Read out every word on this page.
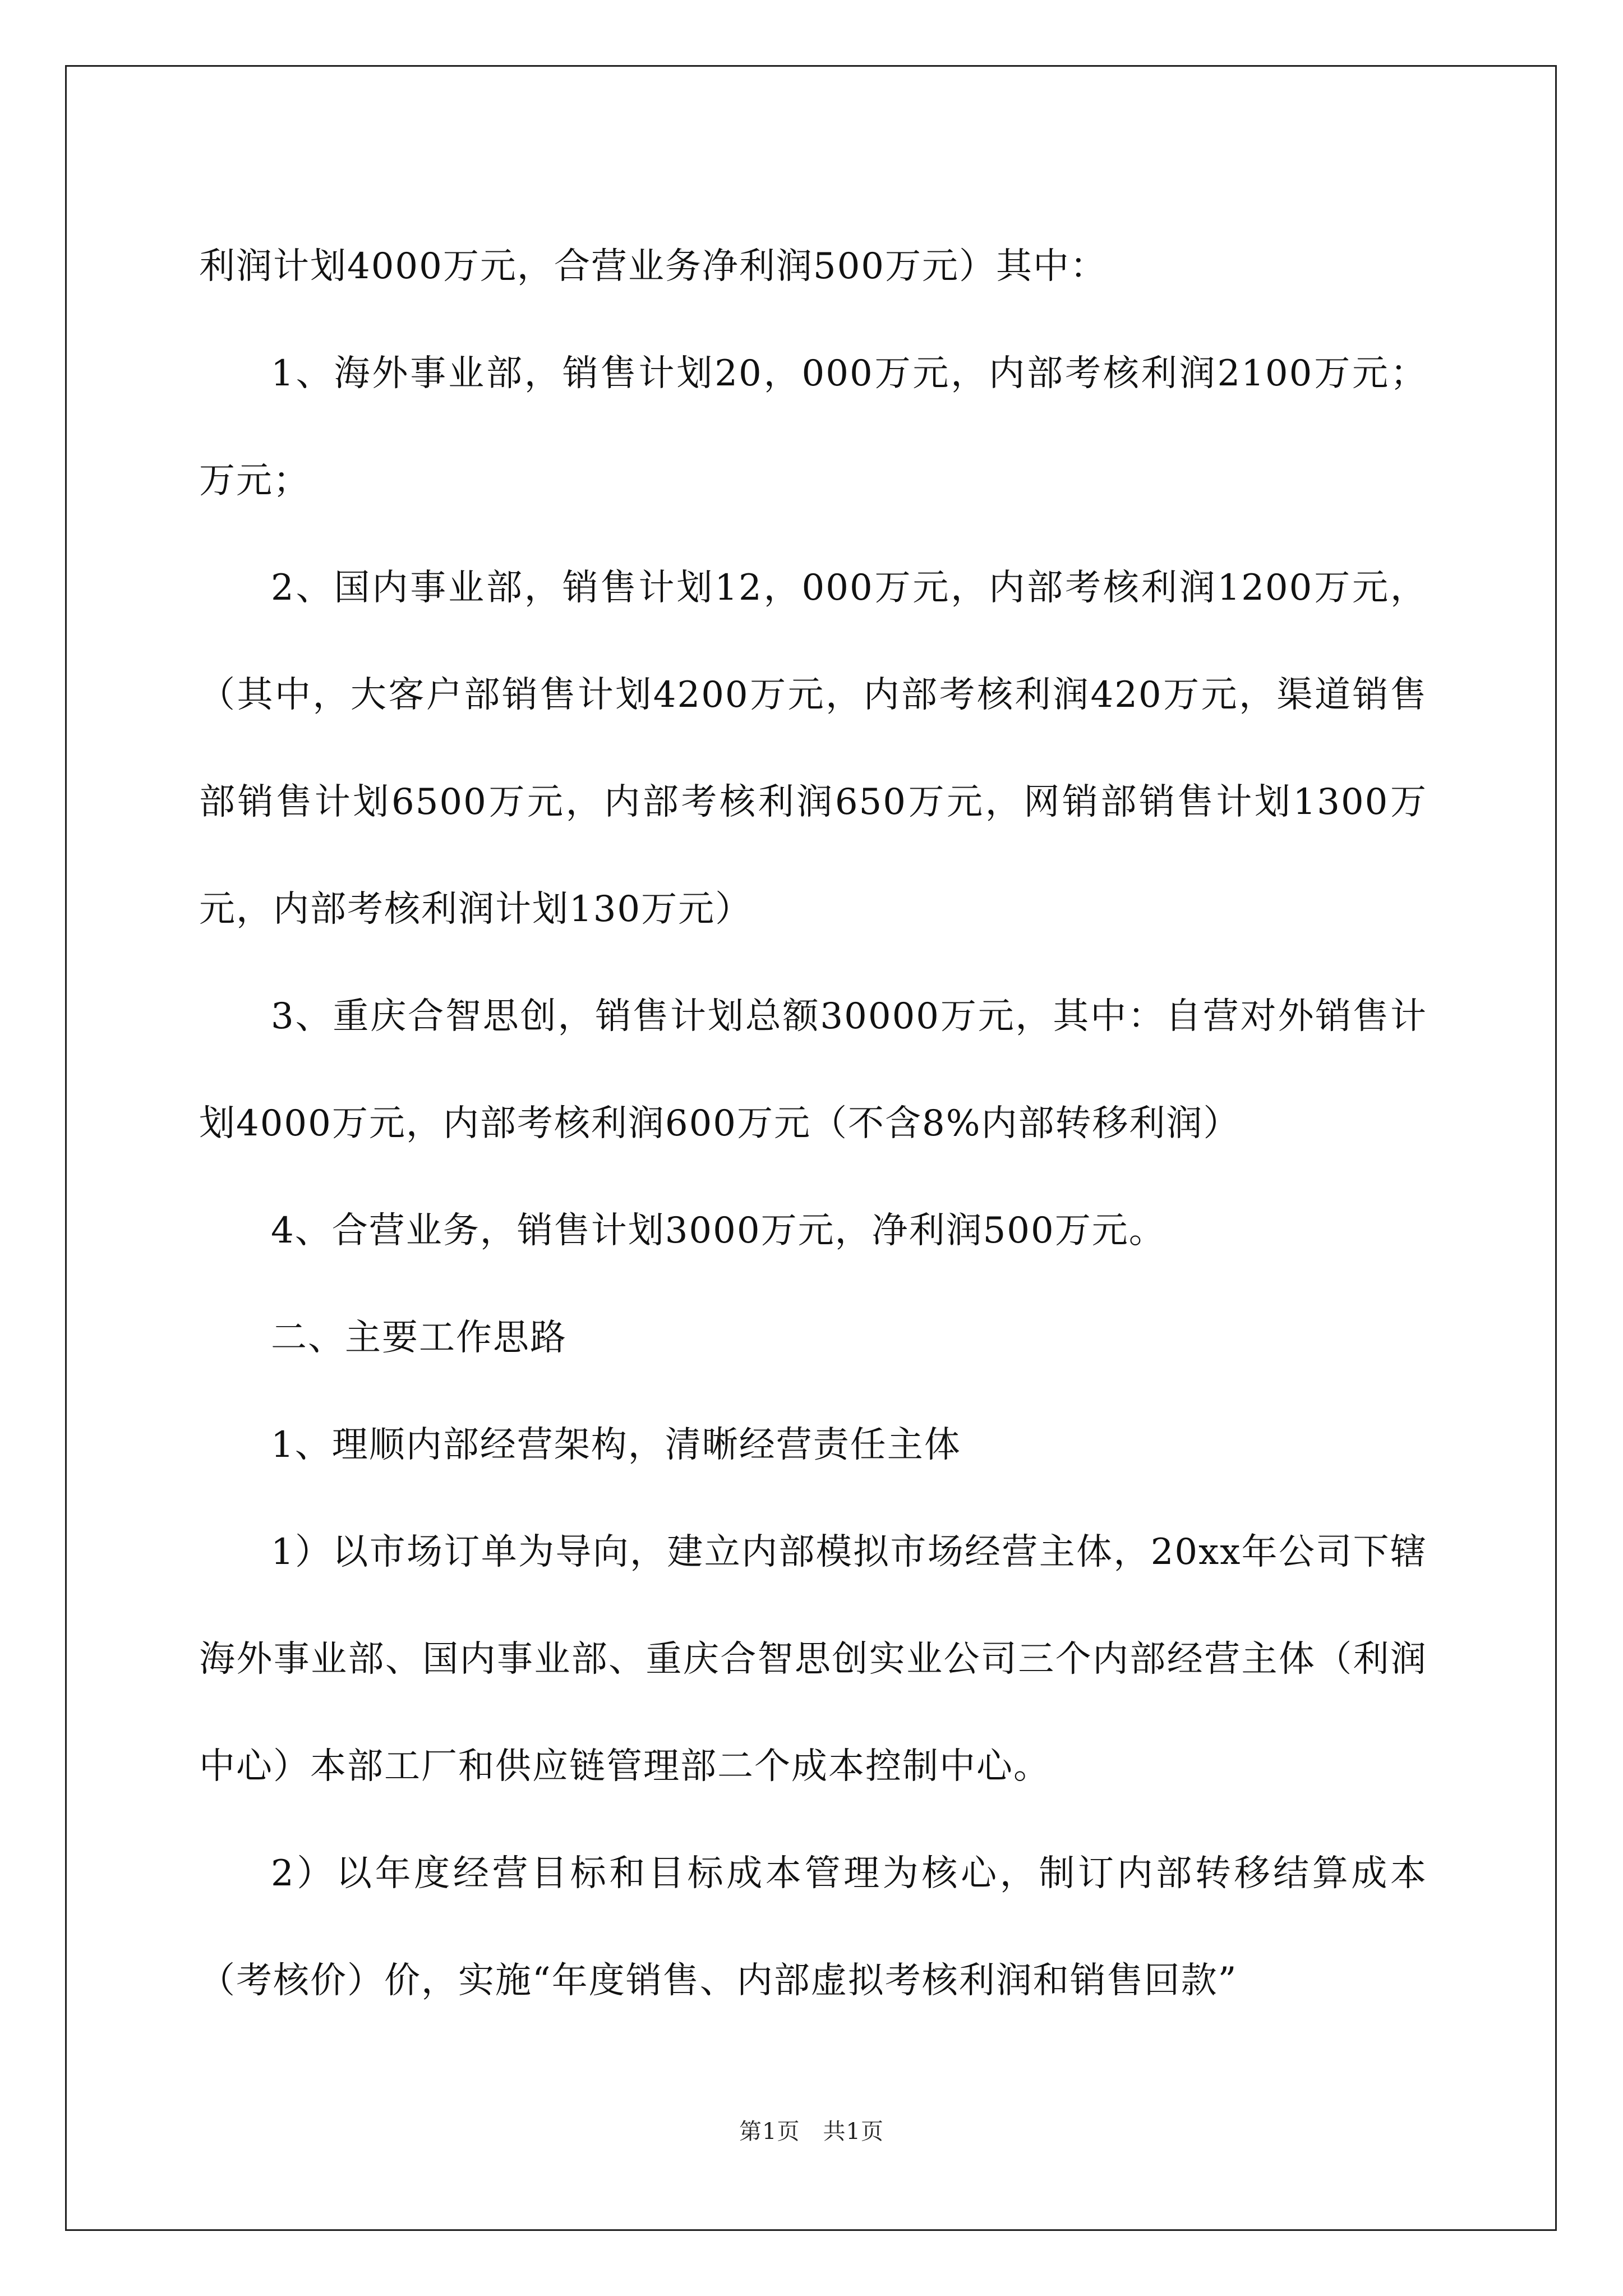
利润计划4000万元，合营业务净利润500万元）其中：

1、海外事业部，销售计划20，000万元，内部考核利润2100万元；万元；

2、国内事业部，销售计划12，000万元，内部考核利润1200万元，（其中，大客户部销售计划4200万元，内部考核利润420万元，渠道销售部销售计划6500万元，内部考核利润650万元，网销部销售计划1300万元，内部考核利润计划130万元）

3、重庆合智思创，销售计划总额30000万元，其中：自营对外销售计划4000万元，内部考核利润600万元（不含8%内部转移利润）

4、合营业务，销售计划3000万元，净利润500万元。

二、主要工作思路

1、理顺内部经营架构，清晰经营责任主体

1）以市场订单为导向，建立内部模拟市场经营主体，20xx年公司下辖海外事业部、国内事业部、重庆合智思创实业公司三个内部经营主体（利润中心）本部工厂和供应链管理部二个成本控制中心。

2）以年度经营目标和目标成本管理为核心，制订内部转移结算成本（考核价）价，实施“年度销售、内部虚拟考核利润和销售回款”

第1页　共1页
